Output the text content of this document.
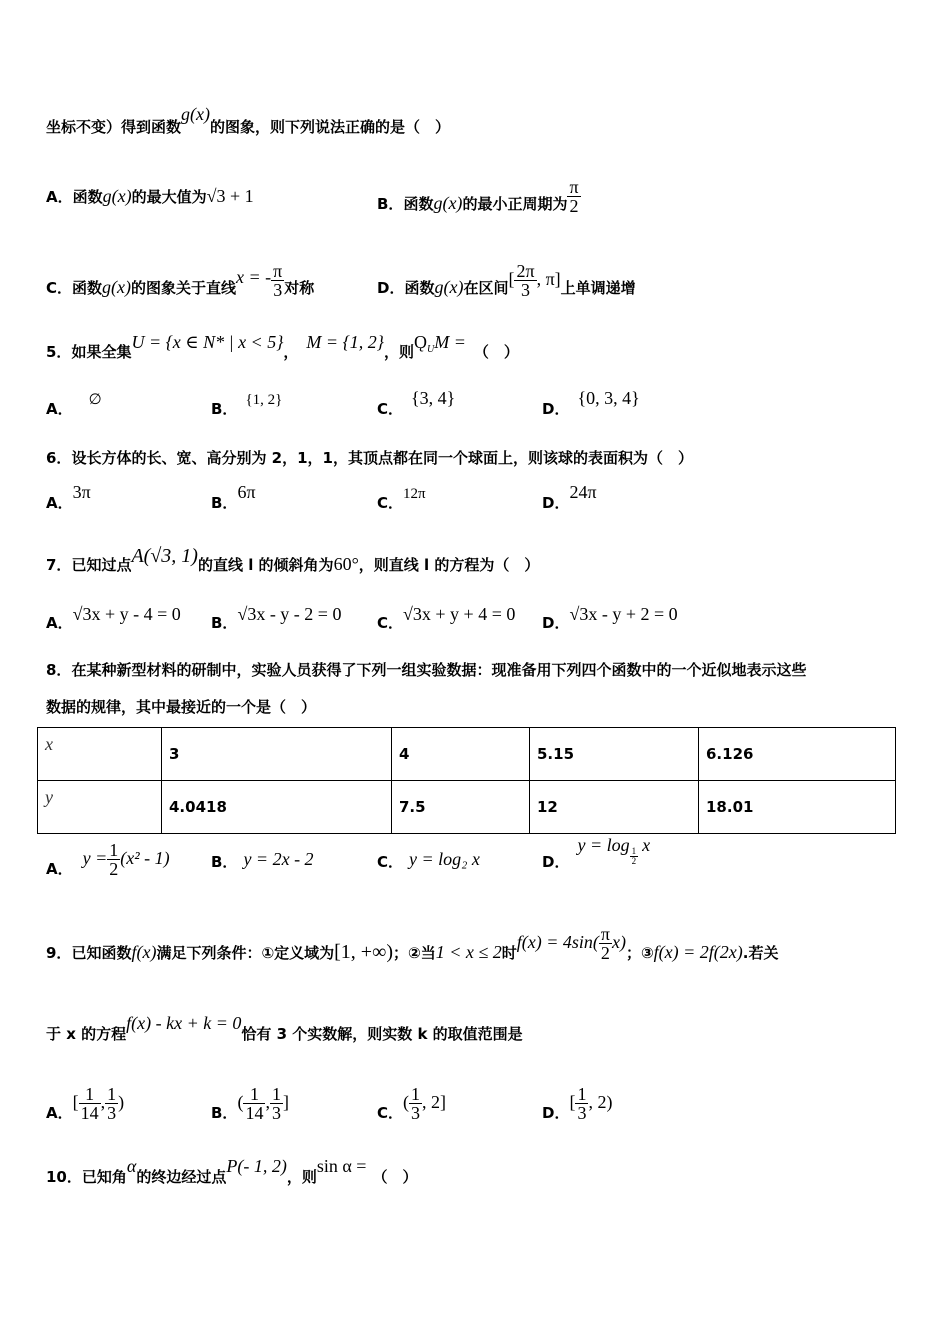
坐标不变）得到函数g(x)的图象，则下列说法正确的是（　）
A．函数g(x)的最大值为√3 + 1	B．函数g(x)的最小正周期为 $\frac{\pi}{2}$
C．函数g(x)的图象关于直线x = - $\frac{\pi}{3}$ 对称	D．函数g(x)在区间[ $\frac{2\pi}{3}$ , π]上单调递增
5．如果全集U = {x ∈ N* | x < 5}， M = {1, 2}，则$Ǫ_UM$ = （　）
A． ∅	B． {1, 2}	C．{3, 4}
D．{0, 3, 4}
6．设长方体的长、宽、高分别为 2，1，1，其顶点都在同一个球面上，则该球的表面积为（　）
A．3π
B．6π
C．12π	D．24π
7．已知过点A(√3, 1)的直线 l 的倾斜角为60°，则直线 l 的方程为（　）
A．√3x + y - 4 = 0 B．√3x - y - 2 = 0 C．√3x + y + 4 = 0 D．√3x - y + 2 = 0
8．在某种新型材料的研制中，实验人员获得了下列一组实验数据：现准备用下列四个函数中的一个近似地表示这些
数据的规律，其中最接近的一个是（　）
x	3	4	5.15	6.126
y	4.0418	7.5	12	18.01
A．$y = \frac{1}{2} (x^2 - 1)$	B． y = 2x - 2	C． y = log₂ x	D．y = log
$\frac{1}{2}$
x
9．已知函数f(x)满足下列条件：①定义域为[1, +∞)；②当1 < x ≤ 2时$f(x) = 4\sin( \frac{\pi}{2} x)$；③f(x) = 2f(2x).若关
于 x 的方程f(x) - kx + k = 0恰有 3 个实数解，则实数 k 的取值范围是
A．[ $\frac{1}{14}$ , $\frac{1}{3}$ )
B．( $\frac{1}{14}$ , $\frac{1}{3}$ ]
C．( $\frac{1}{3}$ , 2]
D．[ $\frac{1}{3}$ , 2)
10．已知角α的终边经过点P(- 1, 2)，则sin α =（　）
